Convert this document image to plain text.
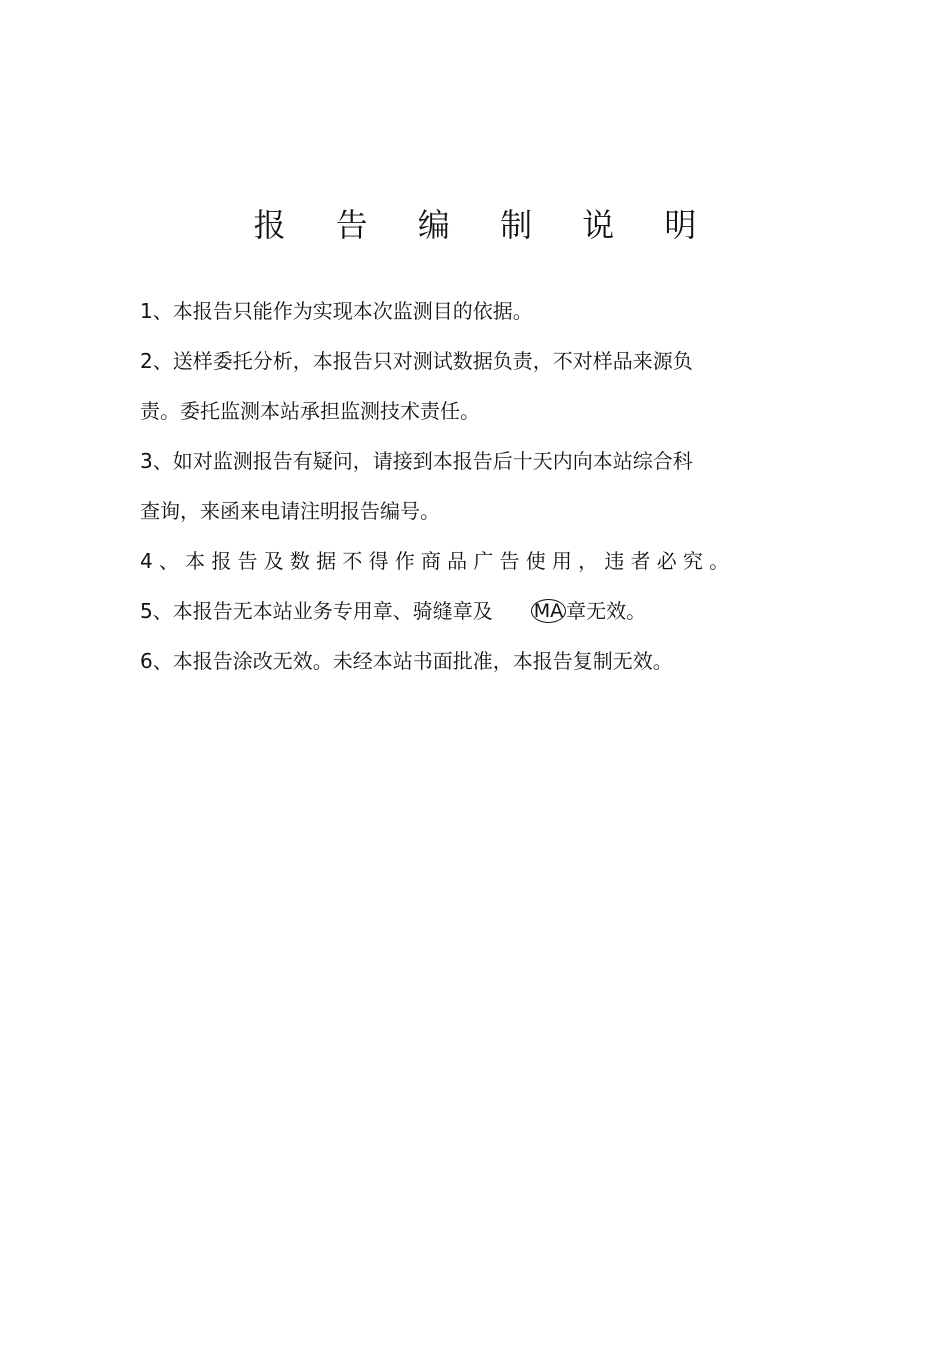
报 告 编 制 说 明

1、本报告只能作为实现本次监测目的依据。

2、送样委托分析，本报告只对测试数据负责，不对样品来源负

责。委托监测本站承担监测技术责任。

3、如对监测报告有疑问，请接到本报告后十天内向本站综合科

查询，来函来电请注明报告编号。

4、本报告及数据不得作商品广告使用，违者必究。

5、本报告无本站业务专用章、骑缝章及 MA 章无效。

6、本报告涂改无效。未经本站书面批准，本报告复制无效。
